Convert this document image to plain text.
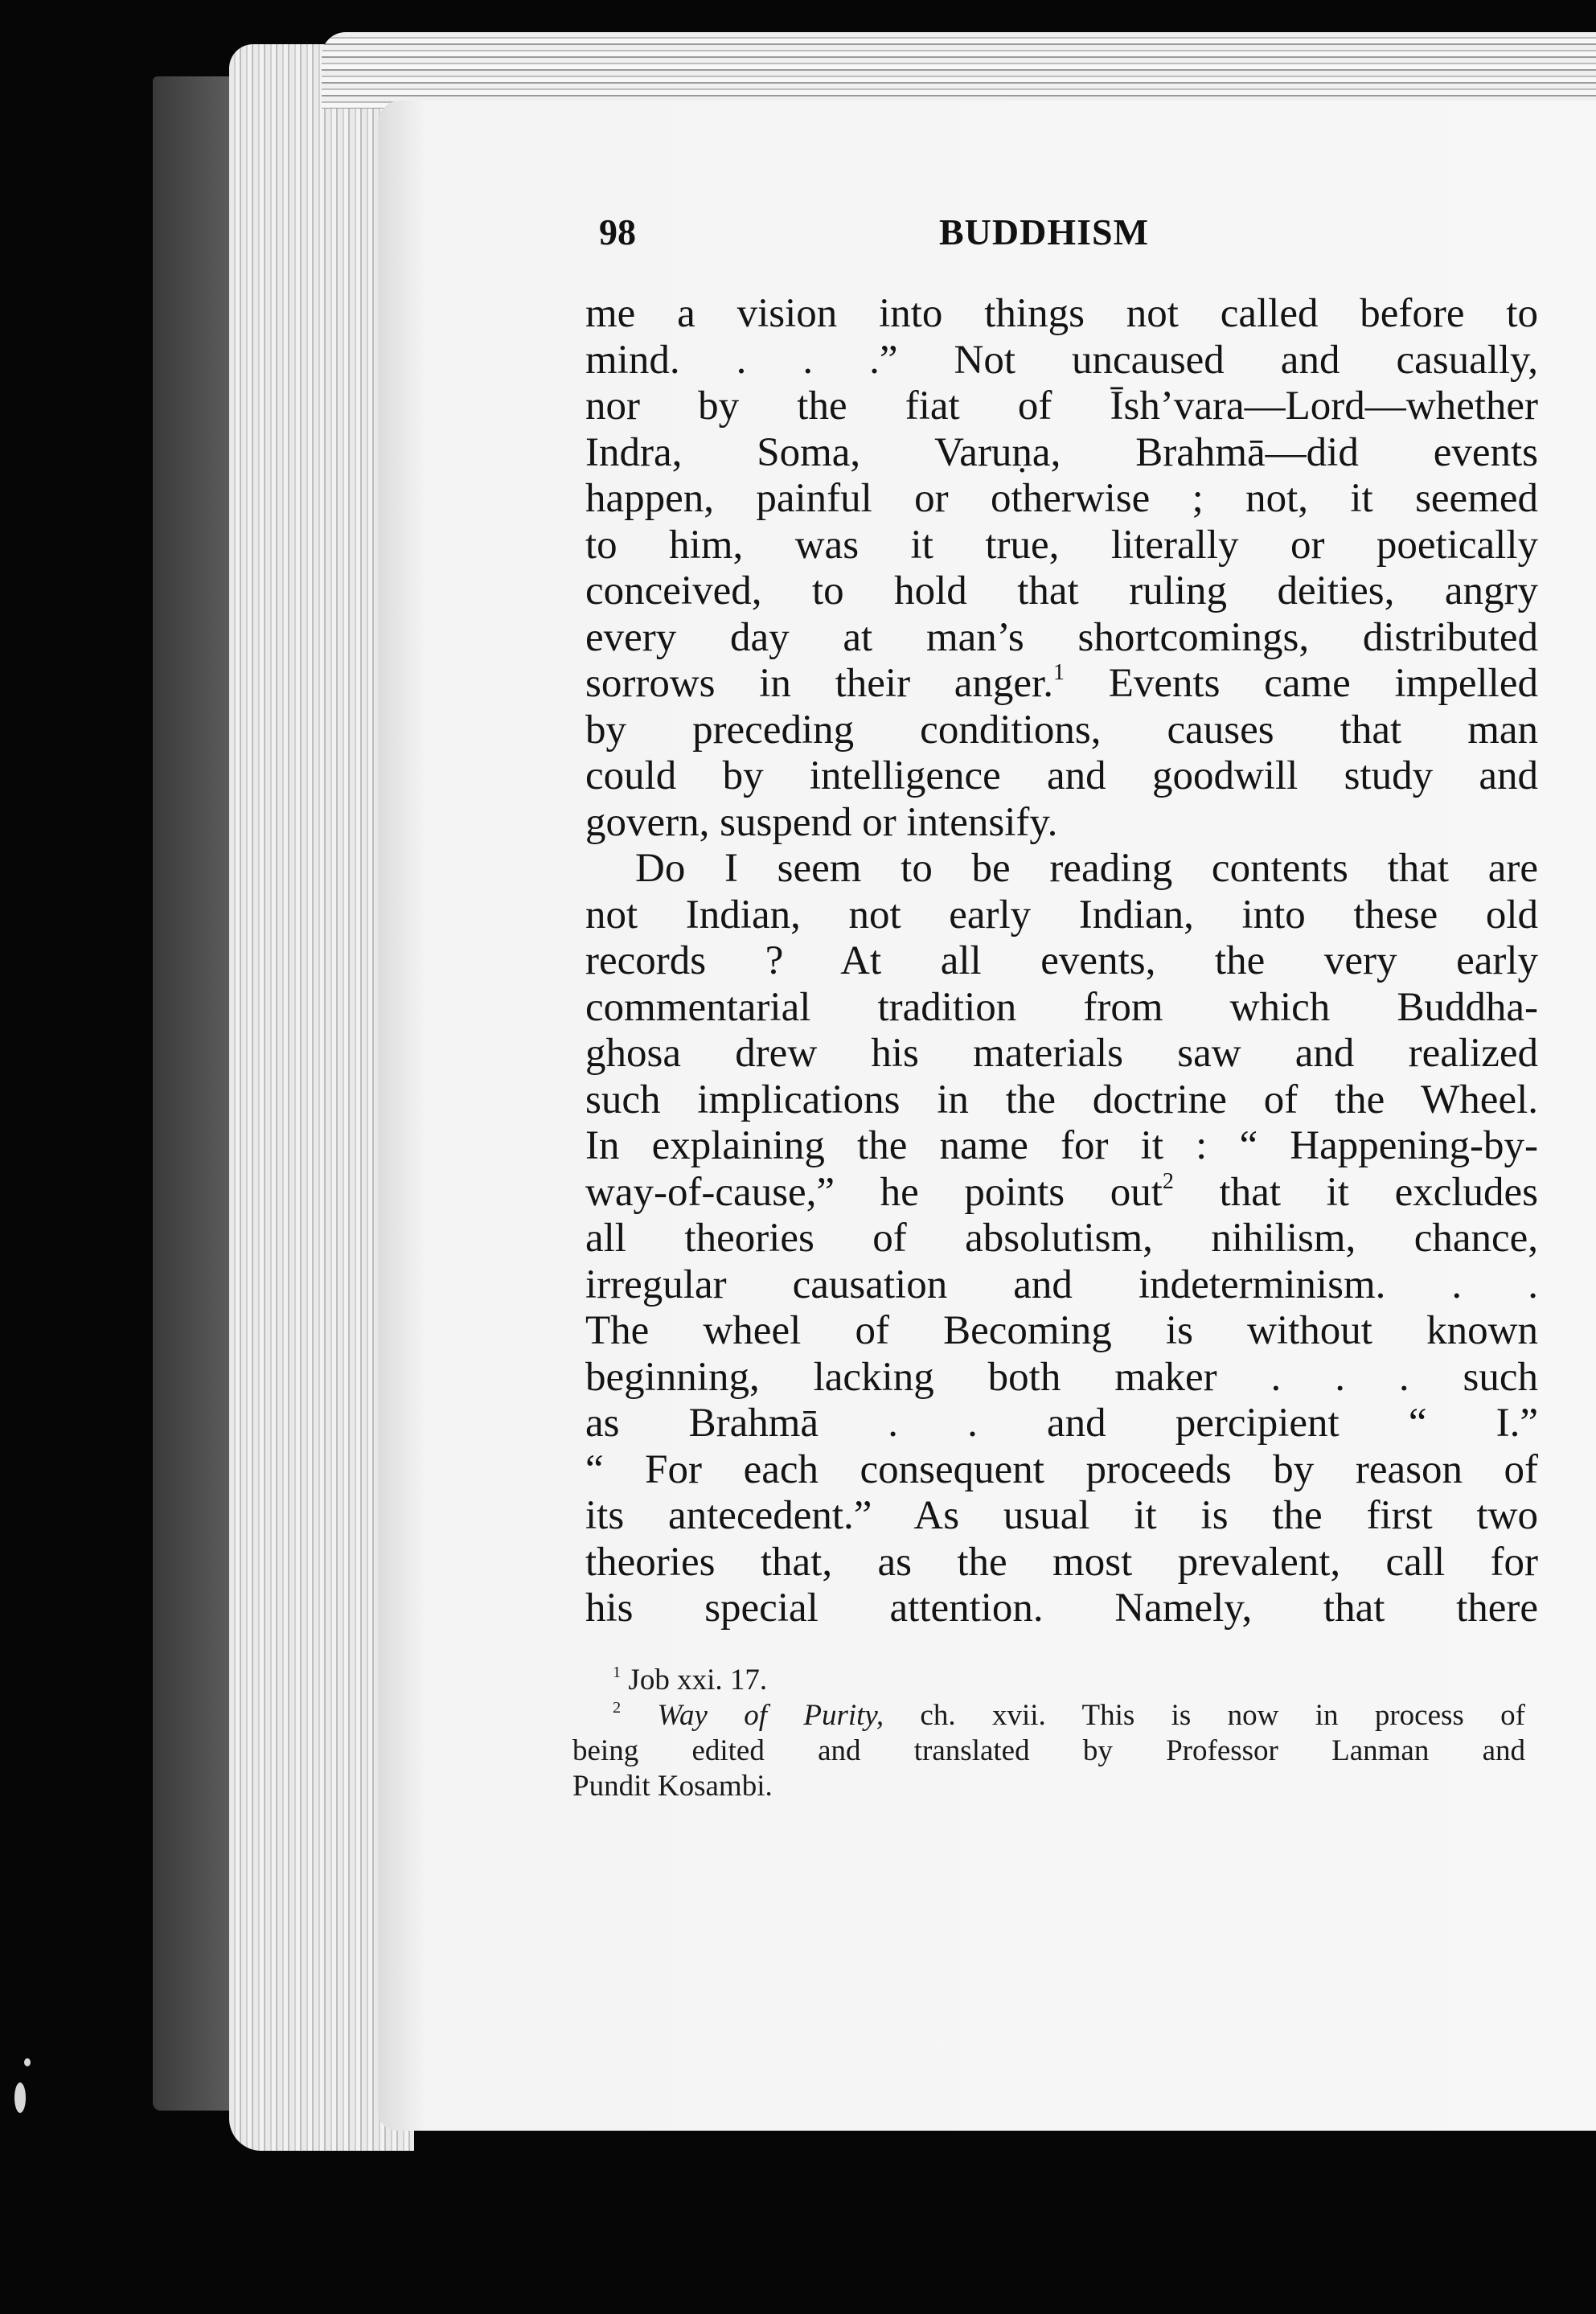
98	BUDDHISM
me a vision into things not called before to
mind. . . .” Not uncaused and casually,
nor by the fiat of Īsh’vara—Lord—whether
Indra, Soma, Varuṇa, Brahmā—did events
happen, painful or otherwise ; not, it seemed
to him, was it true, literally or poetically
conceived, to hold that ruling deities, angry
every day at man’s shortcomings, distributed
sorrows in their anger.$^1$ Events came impelled
by preceding conditions, causes that man
could by intelligence and goodwill study and
govern, suspend or intensify.
Do I seem to be reading contents that are
not Indian, not early Indian, into these old
records ? At all events, the very early
commentarial tradition from which Buddha-
ghosa drew his materials saw and realized
such implications in the doctrine of the Wheel.
In explaining the name for it : “ Happening-by-
way-of-cause,” he points out$^2$ that it excludes
all theories of absolutism, nihilism, chance,
irregular causation and indeterminism. . .
The wheel of Becoming is without known
beginning, lacking both maker . . . such
as Brahmā . . and percipient “ I.”
“ For each consequent proceeds by reason of
its antecedent.” As usual it is the first two
theories that, as the most prevalent, call for
his special attention. Namely, that there
$^1$ Job xxi. 17.
$^2$ Way of Purity, ch. xvii. This is now in process of
being edited and translated by Professor Lanman and
Pundit Kosambi.
